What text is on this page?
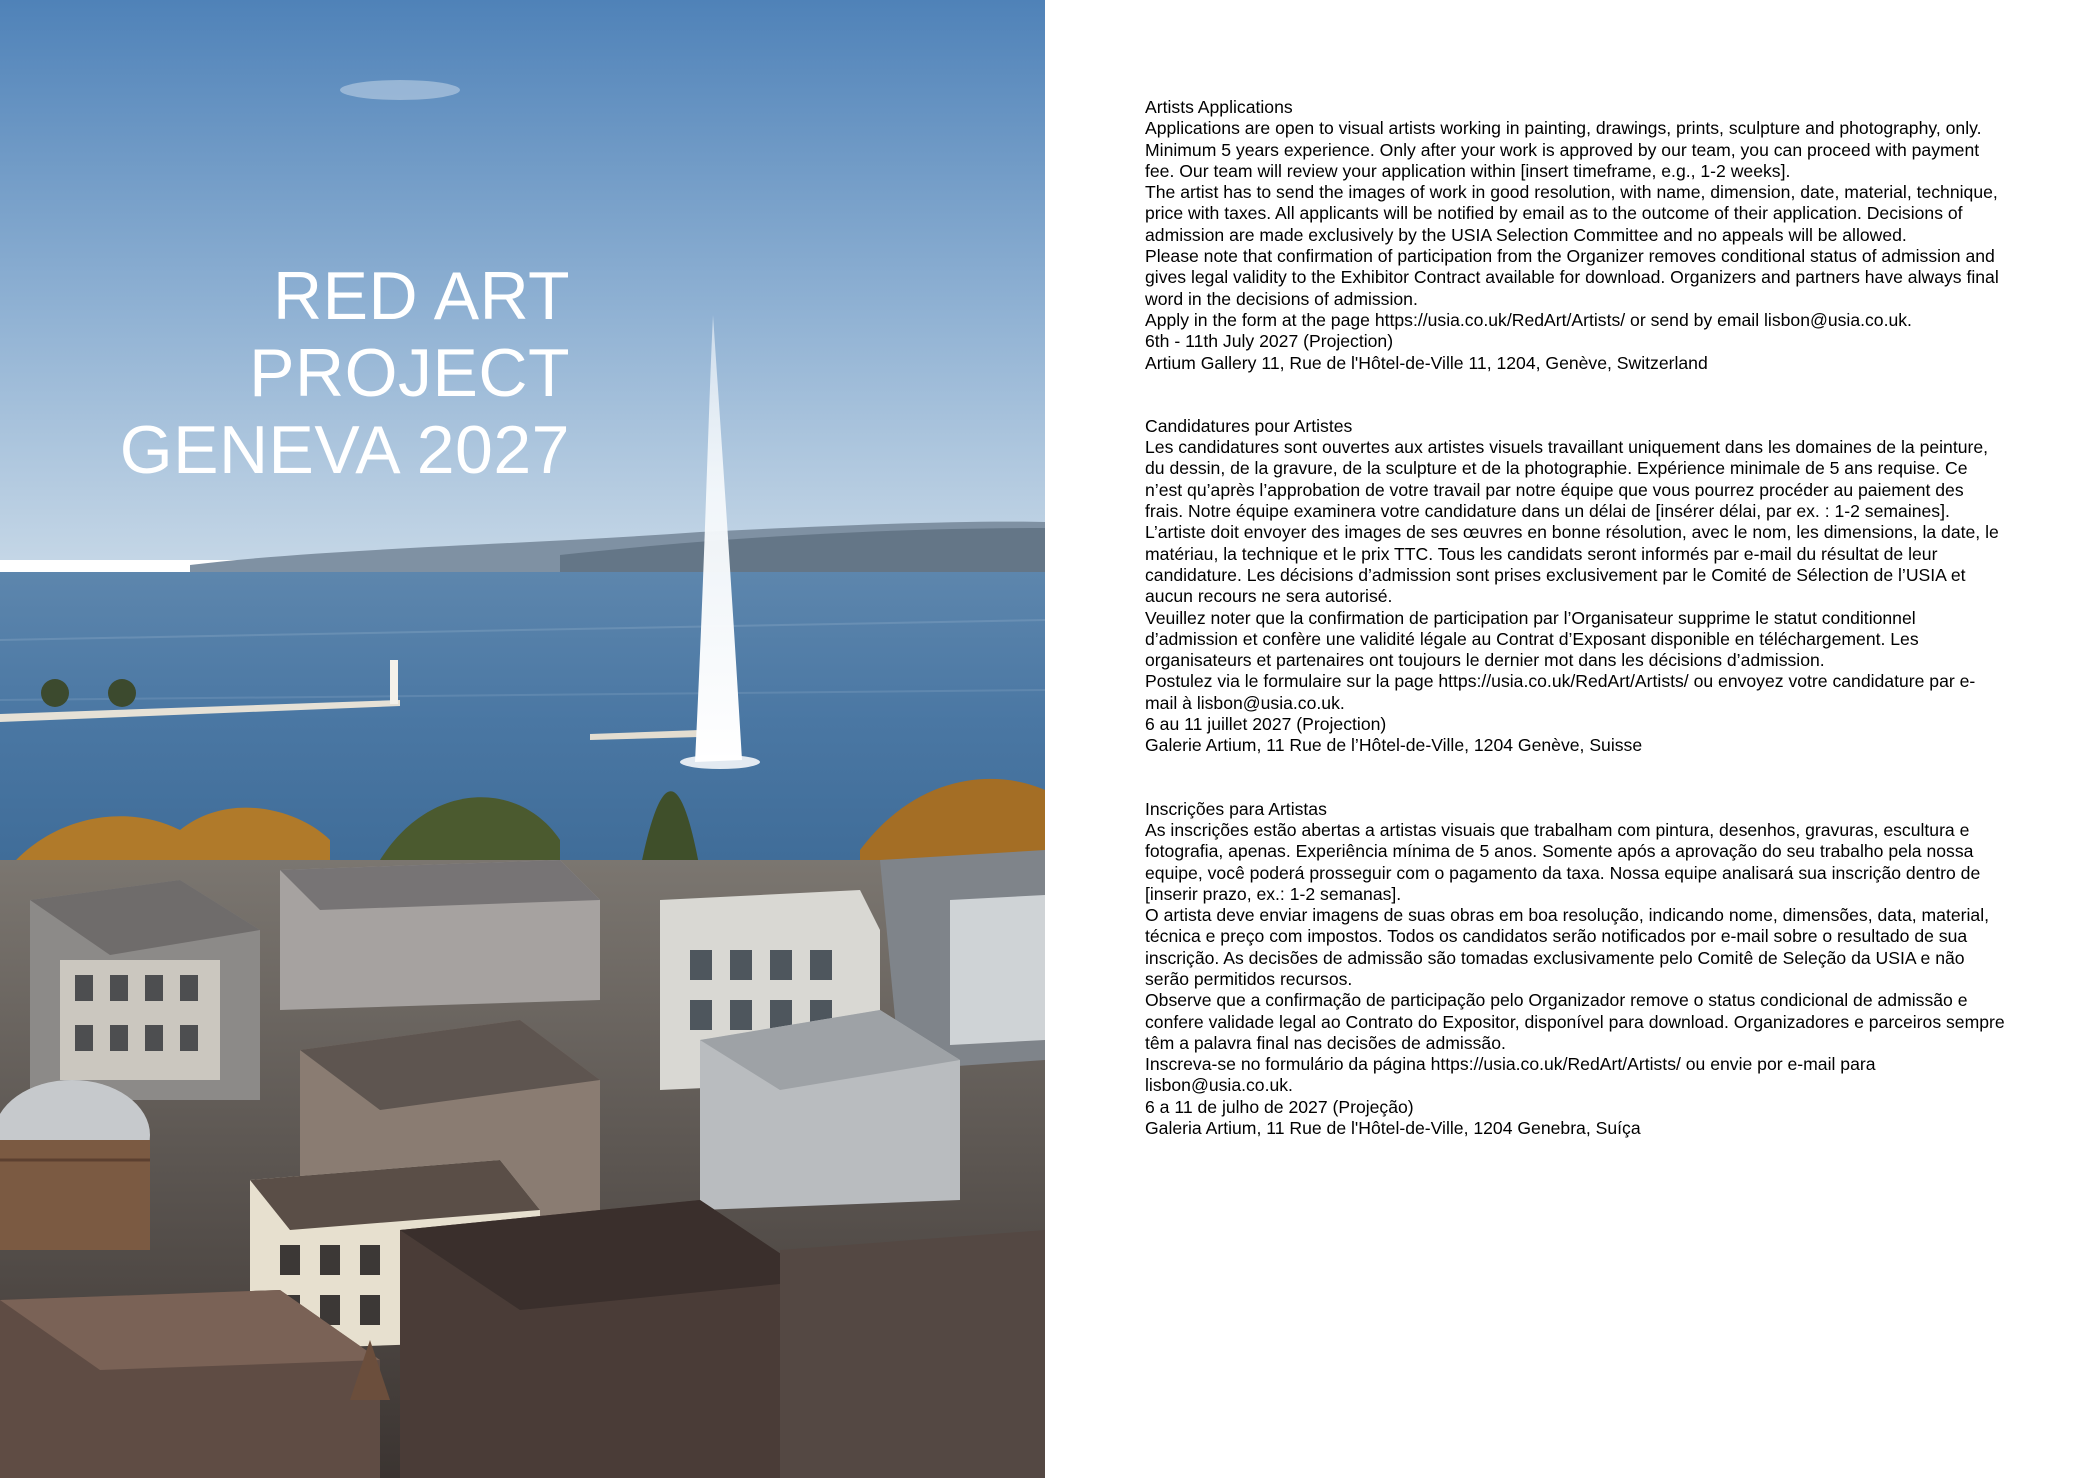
RED ART
PROJECT
GENEVA 2027

Artists Applications

Applications are open to visual artists working in painting, drawings, prints, sculpture and photography, only. Minimum 5 years experience. Only after your work is approved by our team, you can proceed with payment fee. Our team will review your application within [insert timeframe, e.g., 1-2 weeks].

The artist has to send the images of work in good resolution, with name, dimension, date, material, technique, price with taxes. All applicants will be notified by email as to the outcome of their application. Decisions of admission are made exclusively by the USIA Selection Committee and no appeals will be allowed.

Please note that confirmation of participation from the Organizer removes conditional status of admission and gives legal validity to the Exhibitor Contract available for download. Organizers and partners have always final word in the decisions of admission.

Apply in the form at the page https://usia.co.uk/RedArt/Artists/ or send by email lisbon@usia.co.uk.

6th - 11th July 2027 (Projection)

Artium Gallery 11, Rue de l'Hôtel-de-Ville 11, 1204, Genève, Switzerland

Candidatures pour Artistes

Les candidatures sont ouvertes aux artistes visuels travaillant uniquement dans les domaines de la peinture, du dessin, de la gravure, de la sculpture et de la photographie. Expérience minimale de 5 ans requise. Ce n’est qu’après l’approbation de votre travail par notre équipe que vous pourrez procéder au paiement des frais. Notre équipe examinera votre candidature dans un délai de [insérer délai, par ex. : 1-2 semaines].

L’artiste doit envoyer des images de ses œuvres en bonne résolution, avec le nom, les dimensions, la date, le matériau, la technique et le prix TTC. Tous les candidats seront informés par e-mail du résultat de leur candidature. Les décisions d’admission sont prises exclusivement par le Comité de Sélection de l’USIA et aucun recours ne sera autorisé.

Veuillez noter que la confirmation de participation par l’Organisateur supprime le statut conditionnel d’admission et confère une validité légale au Contrat d’Exposant disponible en téléchargement. Les organisateurs et partenaires ont toujours le dernier mot dans les décisions d’admission.

Postulez via le formulaire sur la page https://usia.co.uk/RedArt/Artists/ ou envoyez votre candidature par e-mail à lisbon@usia.co.uk.

6 au 11 juillet 2027 (Projection)

Galerie Artium, 11 Rue de l’Hôtel-de-Ville, 1204 Genève, Suisse

Inscrições para Artistas

As inscrições estão abertas a artistas visuais que trabalham com pintura, desenhos, gravuras, escultura e fotografia, apenas. Experiência mínima de 5 anos. Somente após a aprovação do seu trabalho pela nossa equipe, você poderá prosseguir com o pagamento da taxa. Nossa equipe analisará sua inscrição dentro de [inserir prazo, ex.: 1-2 semanas].

O artista deve enviar imagens de suas obras em boa resolução, indicando nome, dimensões, data, material, técnica e preço com impostos. Todos os candidatos serão notificados por e-mail sobre o resultado de sua inscrição. As decisões de admissão são tomadas exclusivamente pelo Comitê de Seleção da USIA e não serão permitidos recursos.

Observe que a confirmação de participação pelo Organizador remove o status condicional de admissão e confere validade legal ao Contrato do Expositor, disponível para download. Organizadores e parceiros sempre têm a palavra final nas decisões de admissão.

Inscreva-se no formulário da página https://usia.co.uk/RedArt/Artists/ ou envie por e-mail para lisbon@usia.co.uk.

6 a 11 de julho de 2027 (Projeção)

Galeria Artium, 11 Rue de l'Hôtel-de-Ville, 1204 Genebra, Suíça
